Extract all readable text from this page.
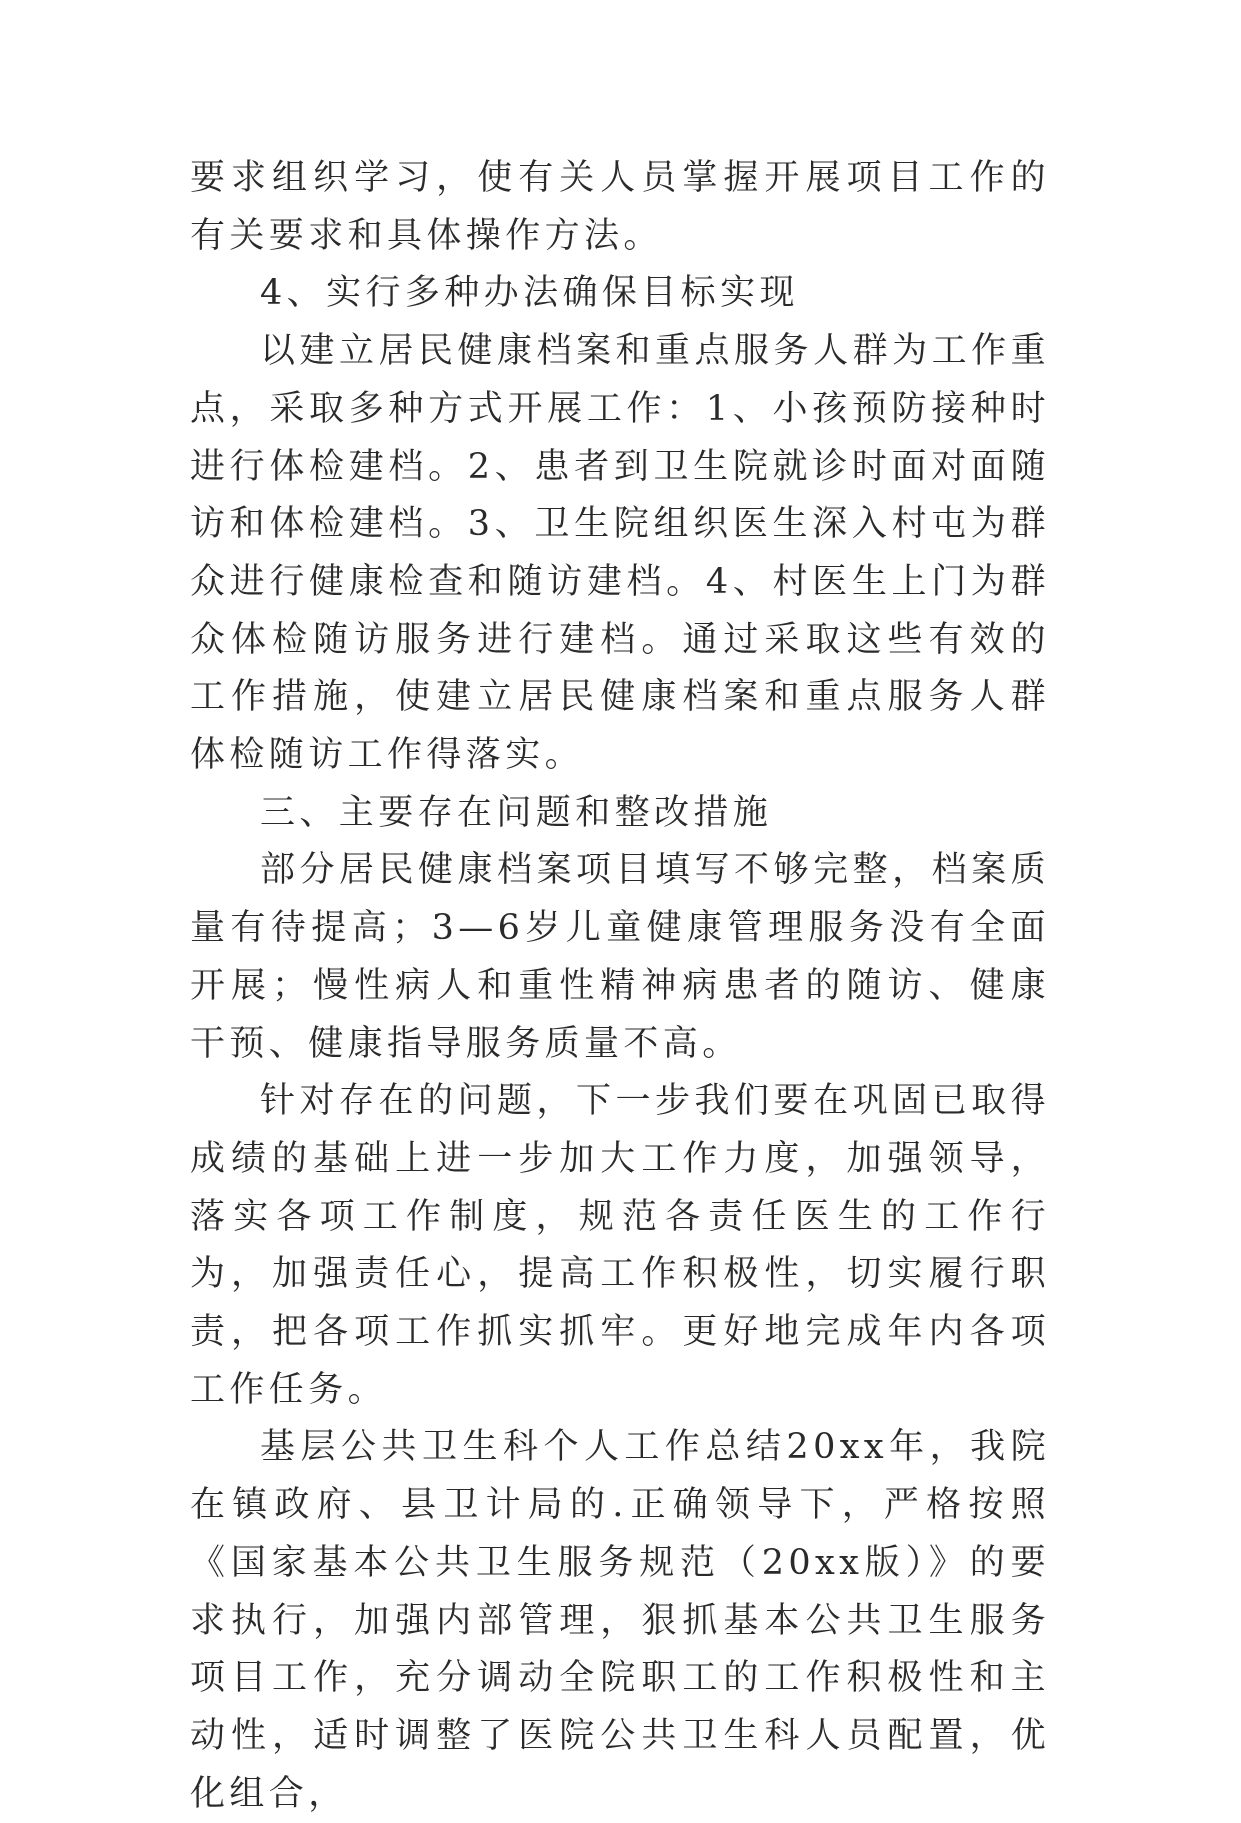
要求组织学习，使有关人员掌握开展项目工作的有关要求和具体操作方法。

4、实行多种办法确保目标实现

以建立居民健康档案和重点服务人群为工作重点，采取多种方式开展工作：1、小孩预防接种时进行体检建档。2、患者到卫生院就诊时面对面随访和体检建档。3、卫生院组织医生深入村屯为群众进行健康检查和随访建档。4、村医生上门为群众体检随访服务进行建档。通过采取这些有效的工作措施，使建立居民健康档案和重点服务人群体检随访工作得落实。

三、主要存在问题和整改措施

部分居民健康档案项目填写不够完整，档案质量有待提高；3—6岁儿童健康管理服务没有全面开展；慢性病人和重性精神病患者的随访、健康干预、健康指导服务质量不高。

针对存在的问题，下一步我们要在巩固已取得成绩的基础上进一步加大工作力度，加强领导，落实各项工作制度，规范各责任医生的工作行为，加强责任心，提高工作积极性，切实履行职责，把各项工作抓实抓牢。更好地完成年内各项工作任务。

基层公共卫生科个人工作总结20xx年，我院在镇政府、县卫计局的.正确领导下，严格按照《国家基本公共卫生服务规范（20xx版）》的要求执行，加强内部管理，狠抓基本公共卫生服务项目工作，充分调动全院职工的工作积极性和主动性，适时调整了医院公共卫生科人员配置，优化组合，
